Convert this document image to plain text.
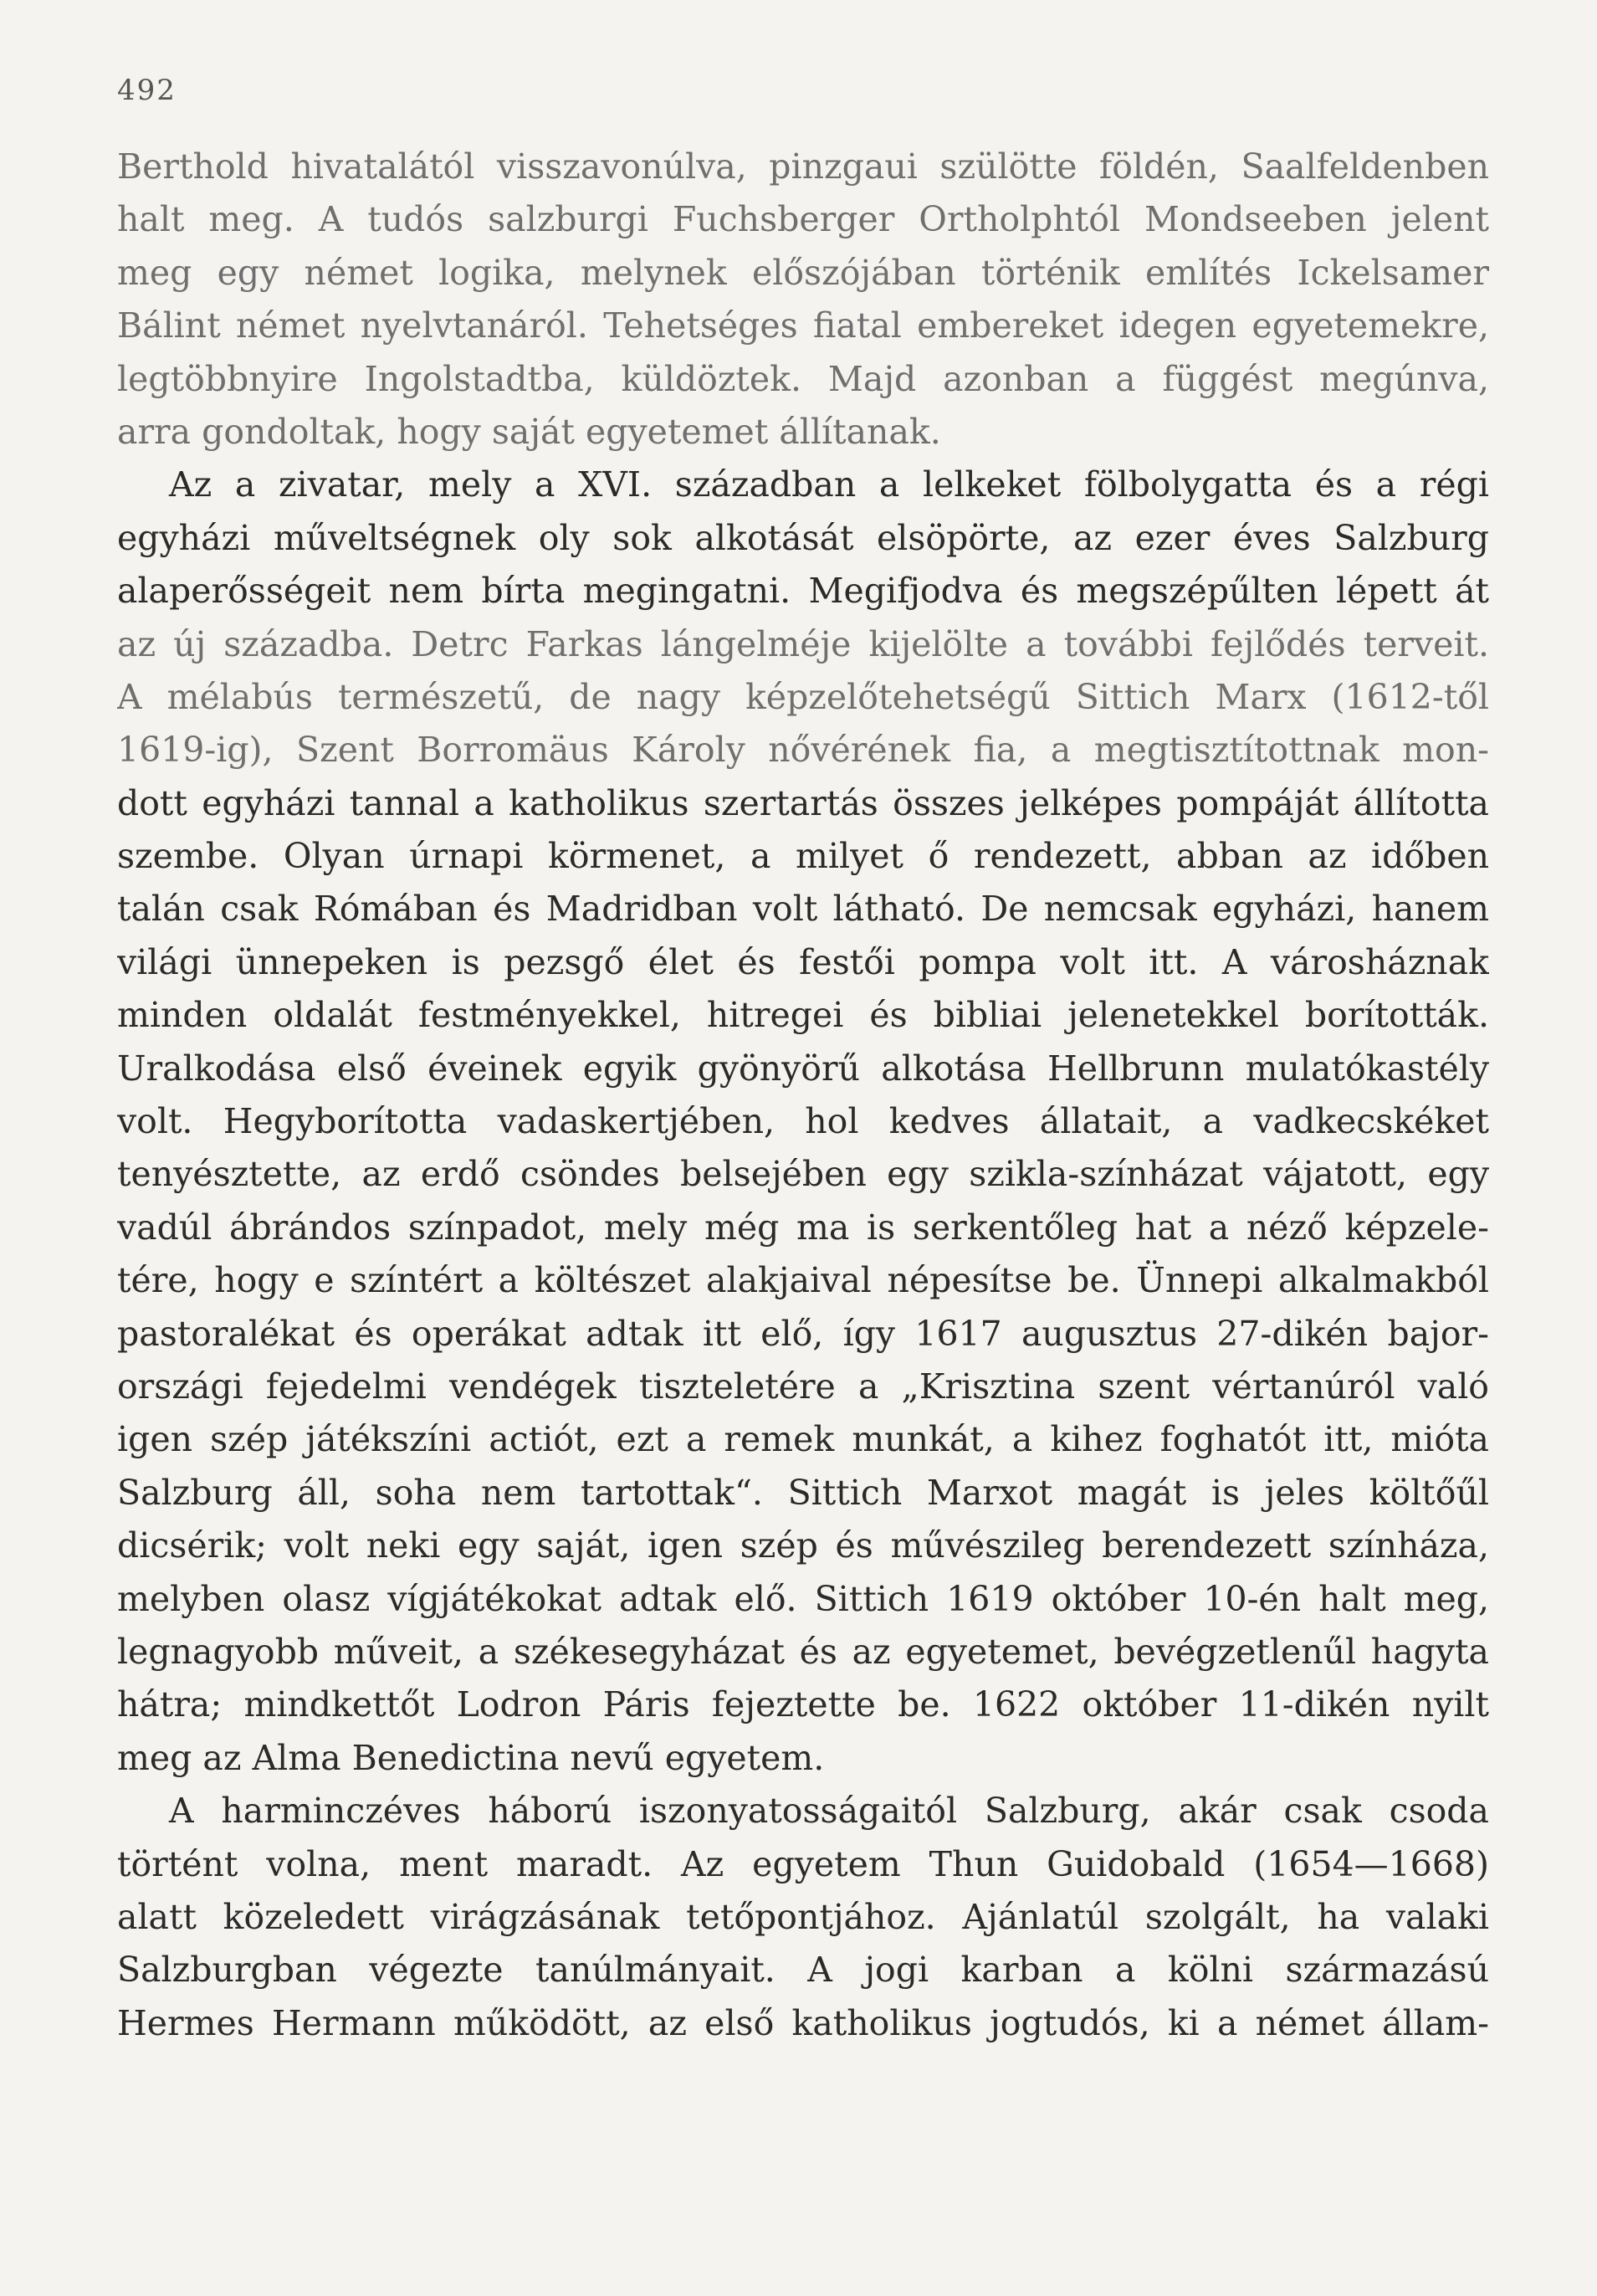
492
Berthold hivatalától visszavonúlva, pinzgaui szülötte földén, Saalfeldenben
halt meg. A tudós salzburgi Fuchsberger Ortholphtól Mondseeben jelent
meg egy német logika, melynek előszójában történik említés Ickelsamer
Bálint német nyelvtanáról. Tehetséges fiatal embereket idegen egyetemekre,
legtöbbnyire Ingolstadtba, küldöztek. Majd azonban a függést megúnva,
arra gondoltak, hogy saját egyetemet állítanak.
Az a zivatar, mely a XVI. században a lelkeket fölbolygatta és a régi
egyházi műveltségnek oly sok alkotását elsöpörte, az ezer éves Salzburg
alaperősségeit nem bírta megingatni. Megifjodva és megszépűlten lépett át
az új századba. Detrc Farkas lángelméje kijelölte a további fejlődés terveit.
A mélabús természetű, de nagy képzelőtehetségű Sittich Marx (1612-től
1619-ig), Szent Borromäus Károly nővérének fia, a megtisztítottnak mon-
dott egyházi tannal a katholikus szertartás összes jelképes pompáját állította
szembe. Olyan úrnapi körmenet, a milyet ő rendezett, abban az időben
talán csak Rómában és Madridban volt látható. De nemcsak egyházi, hanem
világi ünnepeken is pezsgő élet és festői pompa volt itt. A városháznak
minden oldalát festményekkel, hitregei és bibliai jelenetekkel borították.
Uralkodása első éveinek egyik gyönyörű alkotása Hellbrunn mulatókastély
volt. Hegyborította vadaskertjében, hol kedves állatait, a vadkecskéket
tenyésztette, az erdő csöndes belsejében egy szikla-színházat vájatott, egy
vadúl ábrándos színpadot, mely még ma is serkentőleg hat a néző képzele-
tére, hogy e színtért a költészet alakjaival népesítse be. Ünnepi alkalmakból
pastoralékat és operákat adtak itt elő, így 1617 augusztus 27-dikén bajor-
országi fejedelmi vendégek tiszteletére a „Krisztina szent vértanúról való
igen szép játékszíni actiót, ezt a remek munkát, a kihez foghatót itt, mióta
Salzburg áll, soha nem tartottak“. Sittich Marxot magát is jeles költőűl
dicsérik; volt neki egy saját, igen szép és művészileg berendezett színháza,
melyben olasz vígjátékokat adtak elő. Sittich 1619 október 10-én halt meg,
legnagyobb műveit, a székesegyházat és az egyetemet, bevégzetlenűl hagyta
hátra; mindkettőt Lodron Páris fejeztette be. 1622 október 11-dikén nyilt
meg az Alma Benedictina nevű egyetem.
A harminczéves háború iszonyatosságaitól Salzburg, akár csak csoda
történt volna, ment maradt. Az egyetem Thun Guidobald (1654—1668)
alatt közeledett virágzásának tetőpontjához. Ajánlatúl szolgált, ha valaki
Salzburgban végezte tanúlmányait. A jogi karban a kölni származású
Hermes Hermann működött, az első katholikus jogtudós, ki a német állam-
